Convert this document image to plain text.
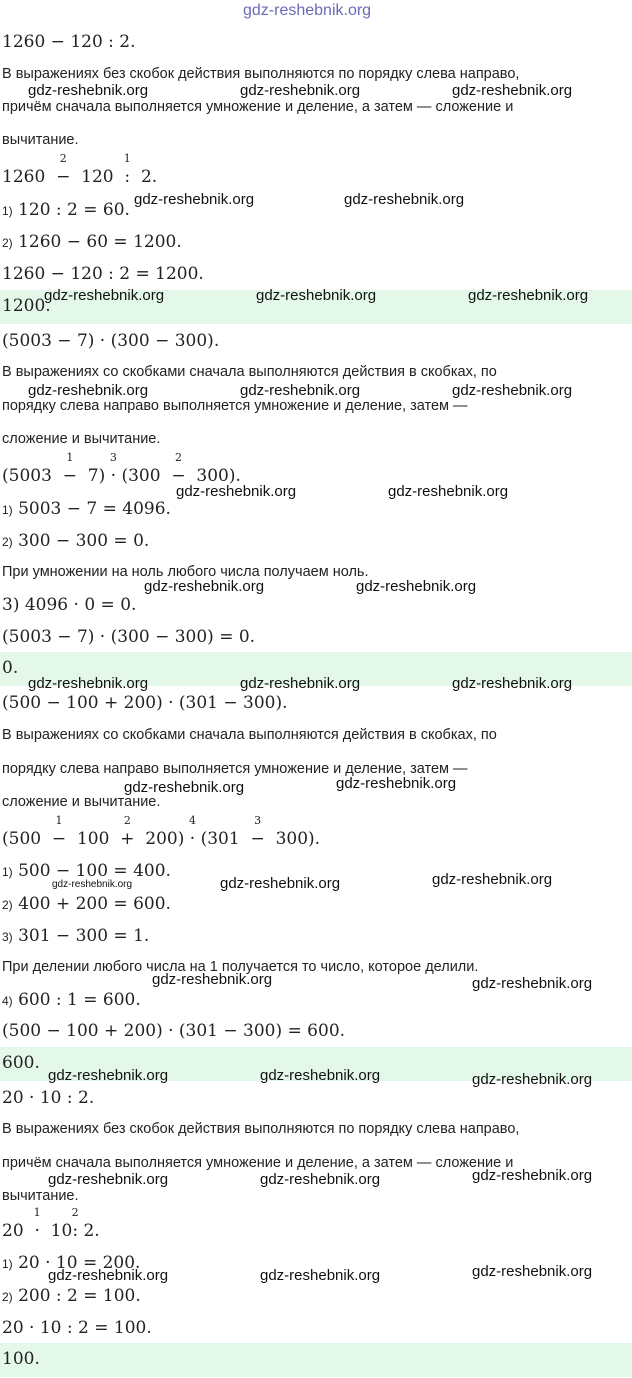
gdz-reshebnik.org
1260 − 120 : 2.
В выражениях без скобок действия выполняются по порядку слева направо,
причём сначала выполняется умножение и деление, а затем — сложение и
вычитание.
1260 −
2
120 :
1
2.
1) 120 : 2 = 60.
2) 1260 − 60 = 1200.
1260 − 120 : 2 = 1200.
1200.
(5003 − 7) · (300 − 300).
В выражениях со скобками сначала выполняются действия в скобках, по
порядку слева направо выполняется умножение и деление, затем —
сложение и вычитание.
(5003 −
1
7) ·
3
(300 −
2
300).
1) 5003 − 7 = 4096.
2) 300 − 300 = 0.
При умножении на ноль любого числа получаем ноль.
3) 4096 · 0 = 0.
(5003 − 7) · (300 − 300) = 0.
0.
(500 − 100 + 200) · (301 − 300).
В выражениях со скобками сначала выполняются действия в скобках, по
порядку слева направо выполняется умножение и деление, затем —
сложение и вычитание.
(500 −
1
100 +
2
200) ·
4
(301 −
3
300).
1) 500 − 100 = 400.
2) 400 + 200 = 600.
3) 301 − 300 = 1.
При делении любого числа на 1 получается то число, которое делили.
4) 600 : 1 = 600.
(500 − 100 + 200) · (301 − 300) = 600.
600.
20 · 10 : 2.
В выражениях без скобок действия выполняются по порядку слева направо,
причём сначала выполняется умножение и деление, а затем — сложение и
вычитание.
20 ·
1
10:
2
2.
1) 20 · 10 = 200.
2) 200 : 2 = 100.
20 · 10 : 2 = 100.
100.
gdz-reshebnik.org	gdz-reshebnik.org
gdz-reshebnik.org	gdz-reshebnik.org	gdz-reshebnik.org
gdz-reshebnik.org	gdz-reshebnik.org	gdz-reshebnik.org
gdz-reshebnik.org	gdz-reshebnik.org	gdz-reshebnik.org
gdz-reshebnik.org	gdz-reshebnik.org
gdz-reshebnik.org	gdz-reshebnik.org
gdz-reshebnik.org	gdz-reshebnik.org	gdz-reshebnik.org
gdz-reshebnik.org	gdz-reshebnik.org
gdz-reshebnik.org	gdz-reshebnik.org	gdz-reshebnik.org
gdz-reshebnik.org	gdz-reshebnik.org
gdz-reshebnik.org	gdz-reshebnik.org	gdz-reshebnik.org
gdz-reshebnik.org	gdz-reshebnik.org	gdz-reshebnik.org
gdz-reshebnik.org	gdz-reshebnik.org	gdz-reshebnik.org
